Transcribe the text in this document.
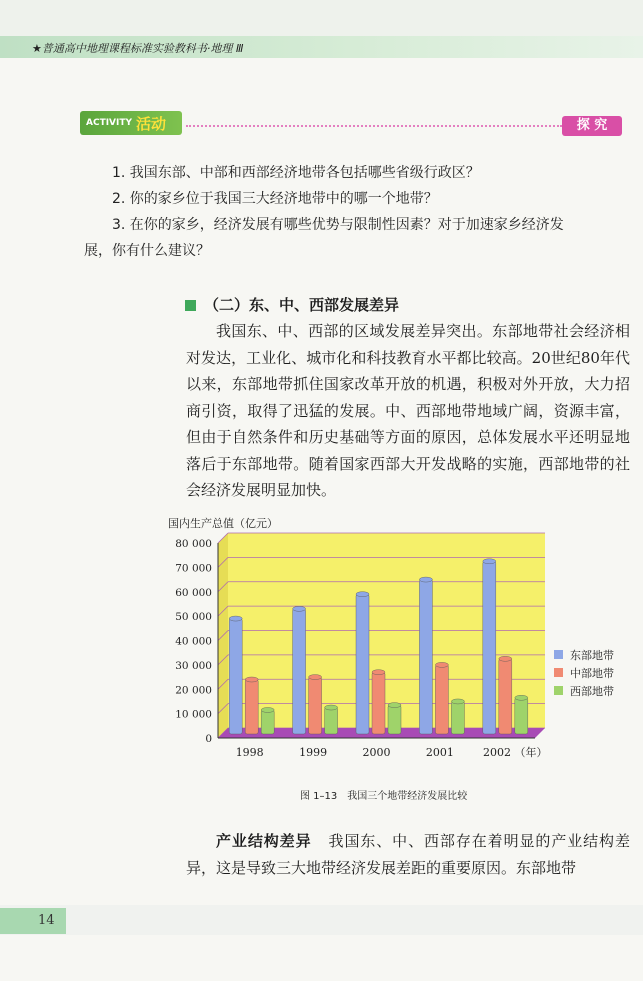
★普通高中地理课程标准实验教科书·地理 Ⅲ
ACTIVITY 活动	探 究
1. 我国东部、中部和西部经济地带各包括哪些省级行政区？
2. 你的家乡位于我国三大经济地带中的哪一个地带？
3. 在你的家乡，经济发展有哪些优势与限制性因素？对于加速家乡经济发
展，你有什么建议？
（二）东、中、西部发展差异

我国东、中、西部的区域发展差异突出。东部地带社会经济相对发达，工业化、城市化和科技教育水平都比较高。20世纪80年代以来，东部地带抓住国家改革开放的机遇，积极对外开放，大力招商引资，取得了迅猛的发展。中、西部地带地域广阔，资源丰富，但由于自然条件和历史基础等方面的原因，总体发展水平还明显地落后于东部地带。随着国家西部大开发战略的实施，西部地带的社会经济发展明显加快。

0
10 000
20 000
30 000
40 000
50 000
60 000
70 000
80 000
国内生产总值（亿元）
1998	1999	2000	2001	2002 （年）
东部地带
中部地带
西部地带
图 1–13 我国三个地带经济发展比较

产业结构差异 我国东、中、西部存在着明显的产业结构差异，这是导致三大地带经济发展差距的重要原因。东部地带

14
